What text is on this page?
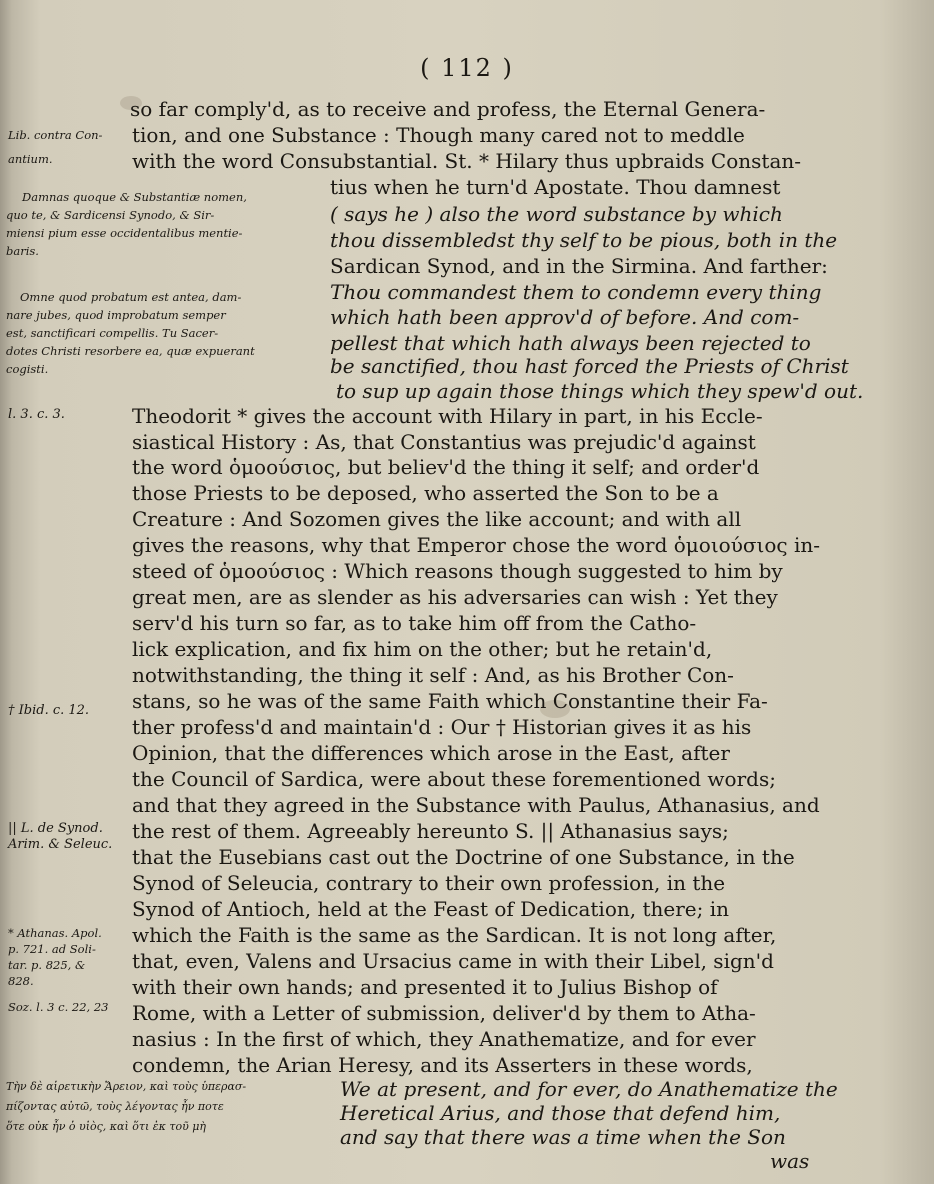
( 112 )
so far comply'd, as to receive and profess, the Eternal Genera-
tion, and one Substance : Though many cared not to meddle
with the word Consubstantial. St. * Hilary thus upbraids Constan-
tius when he turn'd Apostate. Thou damnest
( says he ) also the word substance by which
thou dissembledst thy self to be pious, both in the
Sardican Synod, and in the Sirmina. And farther:
Thou commandest them to condemn every thing
which hath been approv'd of before. And com-
pellest that which hath always been rejected to
be sanctified, thou hast forced the Priests of Christ
to sup up again those things which they spew'd out.
Theodorit * gives the account with Hilary in part, in his Eccle-
siastical History : As, that Constantius was prejudic'd against
the word ὁμοούσιος, but believ'd the thing it self; and order'd
those Priests to be deposed, who asserted the Son to be a
Creature : And Sozomen gives the like account; and with all
gives the reasons, why that Emperor chose the word ὁμοιούσιος in-
steed of ὁμοούσιος : Which reasons though suggested to him by
great men, are as slender as his adversaries can wish : Yet they
serv'd his turn so far, as to take him off from the Catho-
lick explication, and fix him on the other; but he retain'd,
notwithstanding, the thing it self : And, as his Brother Con-
stans, so he was of the same Faith which Constantine their Fa-
ther profess'd and maintain'd : Our † Historian gives it as his
Opinion, that the differences which arose in the East, after
the Council of Sardica, were about these forementioned words;
and that they agreed in the Substance with Paulus, Athanasius, and
the rest of them. Agreeably hereunto S. || Athanasius says;
that the Eusebians cast out the Doctrine of one Substance, in the
Synod of Seleucia, contrary to their own profession, in the
Synod of Antioch, held at the Feast of Dedication, there; in
which the Faith is the same as the Sardican. It is not long after,
that, even, Valens and Ursacius came in with their Libel, sign'd
with their own hands; and presented it to Julius Bishop of
Rome, with a Letter of submission, deliver'd by them to Atha-
nasius : In the first of which, they Anathematize, and for ever
condemn, the Arian Heresy, and its Asserters in these words,
We at present, and for ever, do Anathematize the
Heretical Arius, and those that defend him,
and say that there was a time when the Son
was
Lib. contra Con-
antium.
l. 3. c. 3.
† Ibid. c. 12.
|| L. de Synod.
Arim. & Seleuc.
* Athanas. Apol.
p. 721. ad Soli-
tar. p. 825, &
828.
Soz. l. 3 c. 22, 23
Damnas quoque & Substantiæ nomen,
quo te, & Sardicensi Synodo, & Sir-
miensi pium esse occidentalibus mentie-
baris.
Omne quod probatum est antea, dam-
nare jubes, quod improbatum semper
est, sanctificari compellis. Tu Sacer-
dotes Christi resorbere ea, quæ expuerant
cogisti.
Τὴν δὲ αἱρετικὴν Ἄρειον, καὶ τοὺς ὑπερασ-
πίζοντας αὐτῶ, τοὺς λέγοντας ἦν ποτε
ὅτε οὐκ ἦν ὁ υἱὸς, καὶ ὅτι ἐκ τοῦ μὴ
